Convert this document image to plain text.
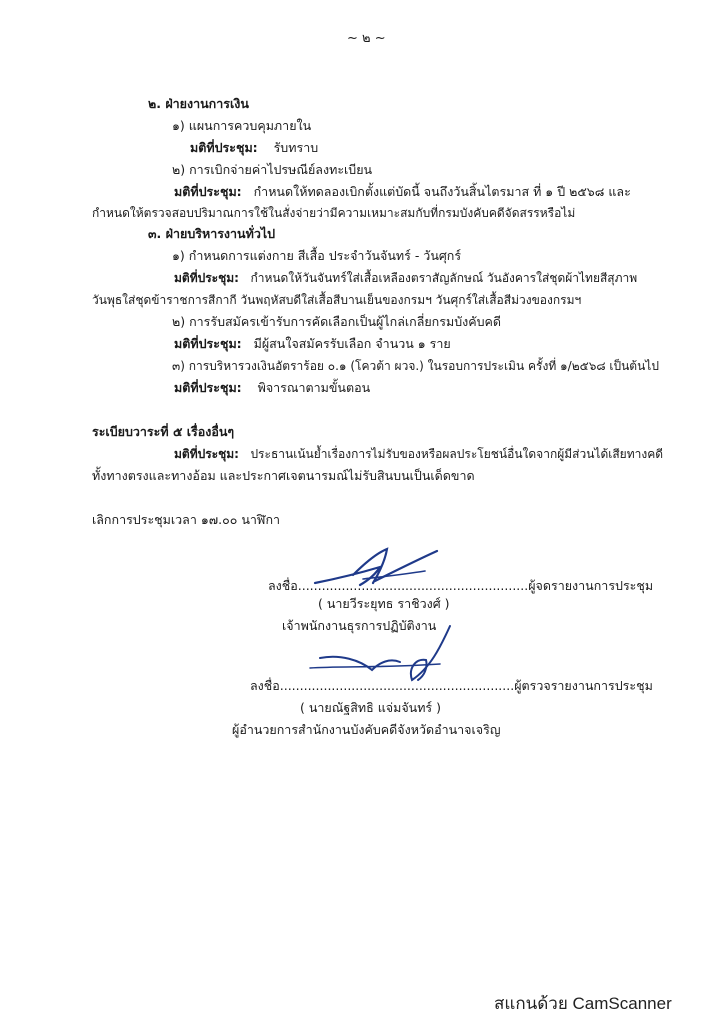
~ ๒ ~
๒. ฝ่ายงานการเงิน
๑) แผนการควบคุมภายใน
มติที่ประชุม: รับทราบ
๒) การเบิกจ่ายค่าไปรษณีย์ลงทะเบียน
มติที่ประชุม: กำหนดให้ทดลองเบิกตั้งแต่บัดนี้ จนถึงวันสิ้นไตรมาส ที่ ๑ ปี ๒๕๖๘ และ
กำหนดให้ตรวจสอบปริมาณการใช้ในสั่งจ่ายว่ามีความเหมาะสมกับที่กรมบังคับคดีจัดสรรหรือไม่
๓. ฝ่ายบริหารงานทั่วไป
๑) กำหนดการแต่งกาย สีเสื้อ ประจำวันจันทร์ - วันศุกร์
มติที่ประชุม: กำหนดให้วันจันทร์ใส่เสื้อเหลืองตราสัญลักษณ์ วันอังคารใส่ชุดผ้าไทยสีสุภาพ
วันพุธใส่ชุดข้าราชการสีกากี วันพฤหัสบดีใส่เสื้อสีบานเย็นของกรมฯ วันศุกร์ใส่เสื้อสีม่วงของกรมฯ
๒) การรับสมัครเข้ารับการคัดเลือกเป็นผู้ไกล่เกลี่ยกรมบังคับคดี
มติที่ประชุม: มีผู้สนใจสมัครรับเลือก จำนวน ๑ ราย
๓) การบริหารวงเงินอัตราร้อย ๐.๑ (โควต้า ผวจ.) ในรอบการประเมิน ครั้งที่ ๑/๒๕๖๘ เป็นต้นไป
มติที่ประชุม: พิจารณาตามขั้นตอน
ระเบียบวาระที่ ๕ เรื่องอื่นๆ
มติที่ประชุม: ประธานเน้นย้ำเรื่องการไม่รับของหรือผลประโยชน์อื่นใดจากผู้มีส่วนได้เสียทางคดี
ทั้งทางตรงและทางอ้อม และประกาศเจตนารมณ์ไม่รับสินบนเป็นเด็ดขาด
เลิกการประชุมเวลา ๑๗.๐๐ นาฬิกา
ลงชื่อ..........................................................ผู้จดรายงานการประชุม
( นายวีระยุทธ ราชิวงศ์ )
เจ้าพนักงานธุรการปฏิบัติงาน
ลงชื่อ...........................................................ผู้ตรวจรายงานการประชุม
( นายณัฐสิทธิ แจ่มจันทร์ )
ผู้อำนวยการสำนักงานบังคับคดีจังหวัดอำนาจเจริญ
สแกนด้วย CamScanner
